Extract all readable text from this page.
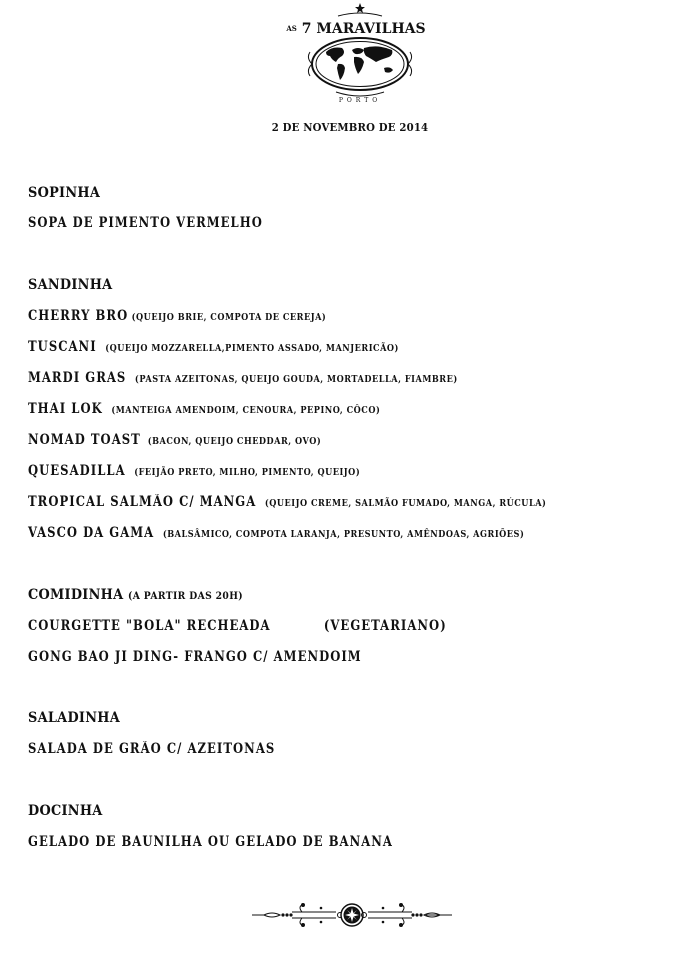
AS 7 MARAVILHAS
PORTO
2 DE NOVEMBRO DE 2014
SOPINHA
SOPA DE PIMENTO VERMELHO
SANDINHA
CHERRY BRO (QUEIJO BRIE, COMPOTA DE CEREJA)
TUSCANI (QUEIJO MOZZARELLA,PIMENTO ASSADO, MANJERICÃO)
MARDI GRAS (PASTA AZEITONAS, QUEIJO GOUDA, MORTADELLA, FIAMBRE)
THAI LOK (MANTEIGA AMENDOIM, CENOURA, PEPINO, CÔCO)
NOMAD TOAST (BACON, QUEIJO CHEDDAR, OVO)
QUESADILLA (FEIJÃO PRETO, MILHO, PIMENTO, QUEIJO)
TROPICAL SALMÃO C/ MANGA (QUEIJO CREME, SALMÃO FUMADO, MANGA, RÚCULA)
VASCO DA GAMA (BALSÂMICO, COMPOTA LARANJA, PRESUNTO, AMÊNDOAS, AGRIÕES)
COMIDINHA (A PARTIR DAS 20H)
COURGETTE "BOLA" RECHEADA	(VEGETARIANO)
GONG BAO JI DING- FRANGO C/ AMENDOIM
SALADINHA
SALADA DE GRÃO C/ AZEITONAS
DOCINHA
GELADO DE BAUNILHA OU GELADO DE BANANA
